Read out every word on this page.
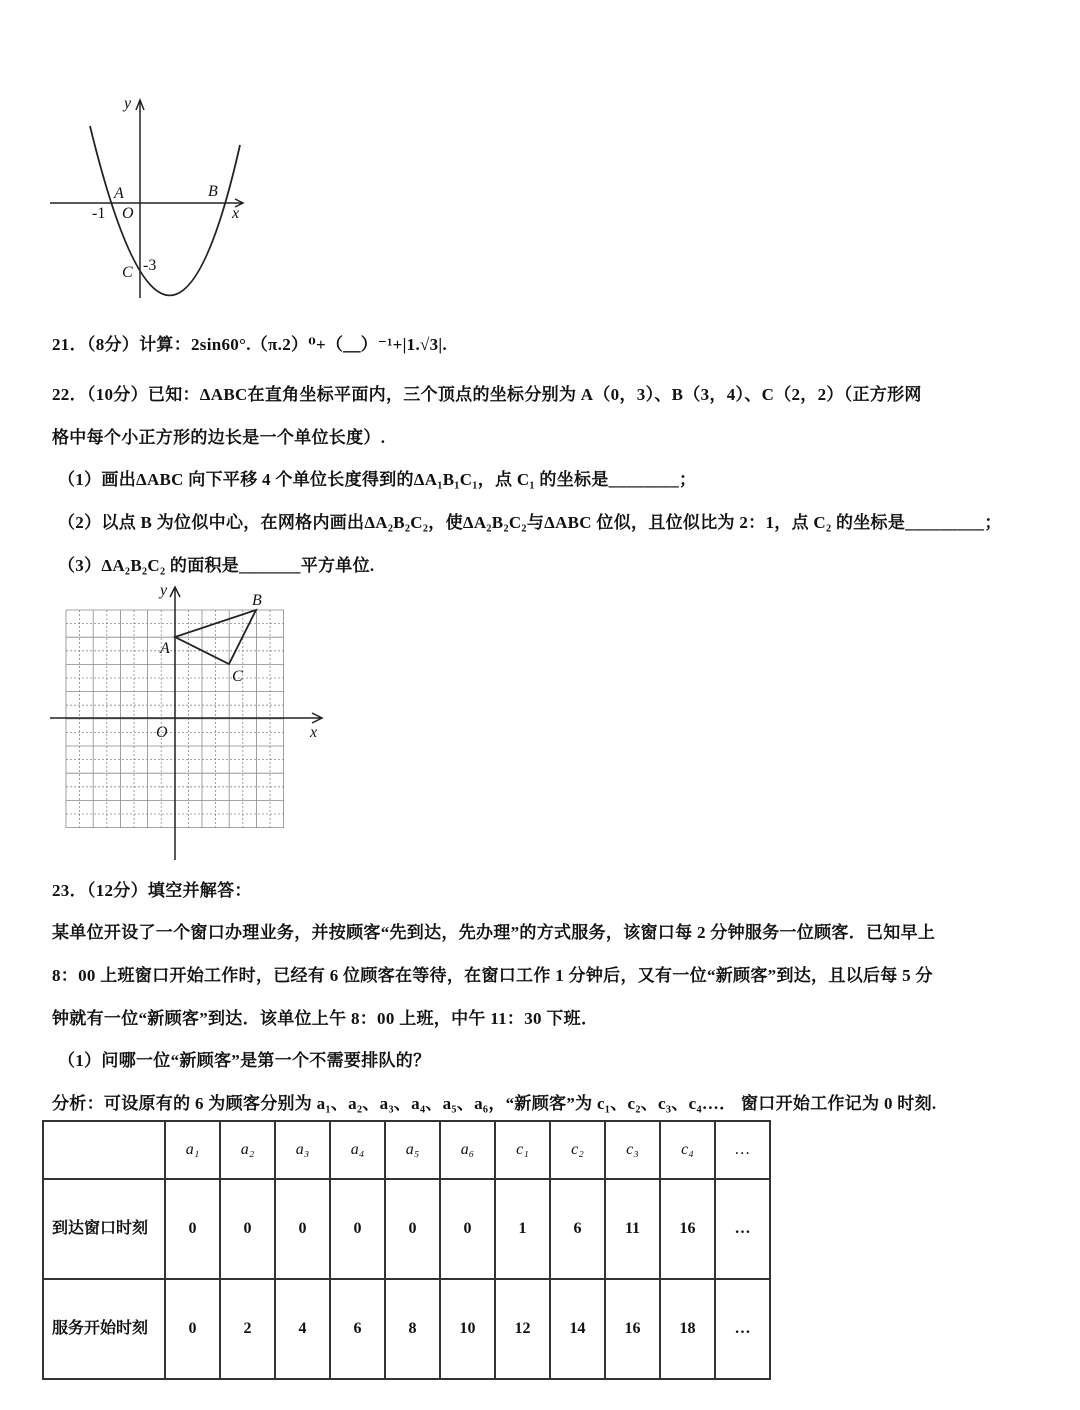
y
x
A	B
O
-1
C -3
21．（8分）计算：2sin60°.（π.2）⁰+（＿）⁻¹+|1.√3|.
22．（10分）已知：ΔABC在直角坐标平面内，三个顶点的坐标分别为 A（0，3）、B（3，4）、C（2，2）（正方形网
格中每个小正方形的边长是一个单位长度）.
（1）画出ΔABC 向下平移 4 个单位长度得到的ΔA₁B₁C₁，点 C₁ 的坐标是________；
（2）以点 B 为位似中心，在网格内画出ΔA₂B₂C₂，使ΔA₂B₂C₂与ΔABC 位似，且位似比为 2：1，点 C₂ 的坐标是_________；
（3）ΔA₂B₂C₂ 的面积是_______平方单位.
y
x
A
B
C
O
23．（12分）填空并解答：
某单位开设了一个窗口办理业务，并按顾客“先到达，先办理”的方式服务，该窗口每 2 分钟服务一位顾客．已知早上
8：00 上班窗口开始工作时，已经有 6 位顾客在等待，在窗口工作 1 分钟后，又有一位“新顾客”到达，且以后每 5 分
钟就有一位“新顾客”到达．该单位上午 8：00 上班，中午 11：30 下班．
（1）问哪一位“新顾客”是第一个不需要排队的？
分析：可设原有的 6 为顾客分别为 a₁、a₂、a₃、a₄、a₅、a₆，“新顾客”为 c₁、c₂、c₃、c₄…． 窗口开始工作记为 0 时刻.
	a₁	a₂	a₃	a₄	a₅	a₆	c₁	c₂	c₃	c₄	…
到达窗口时刻	0	0	0	0	0	0	1	6	11	16	…
服务开始时刻	0	2	4	6	8	10	12	14	16	18	…
